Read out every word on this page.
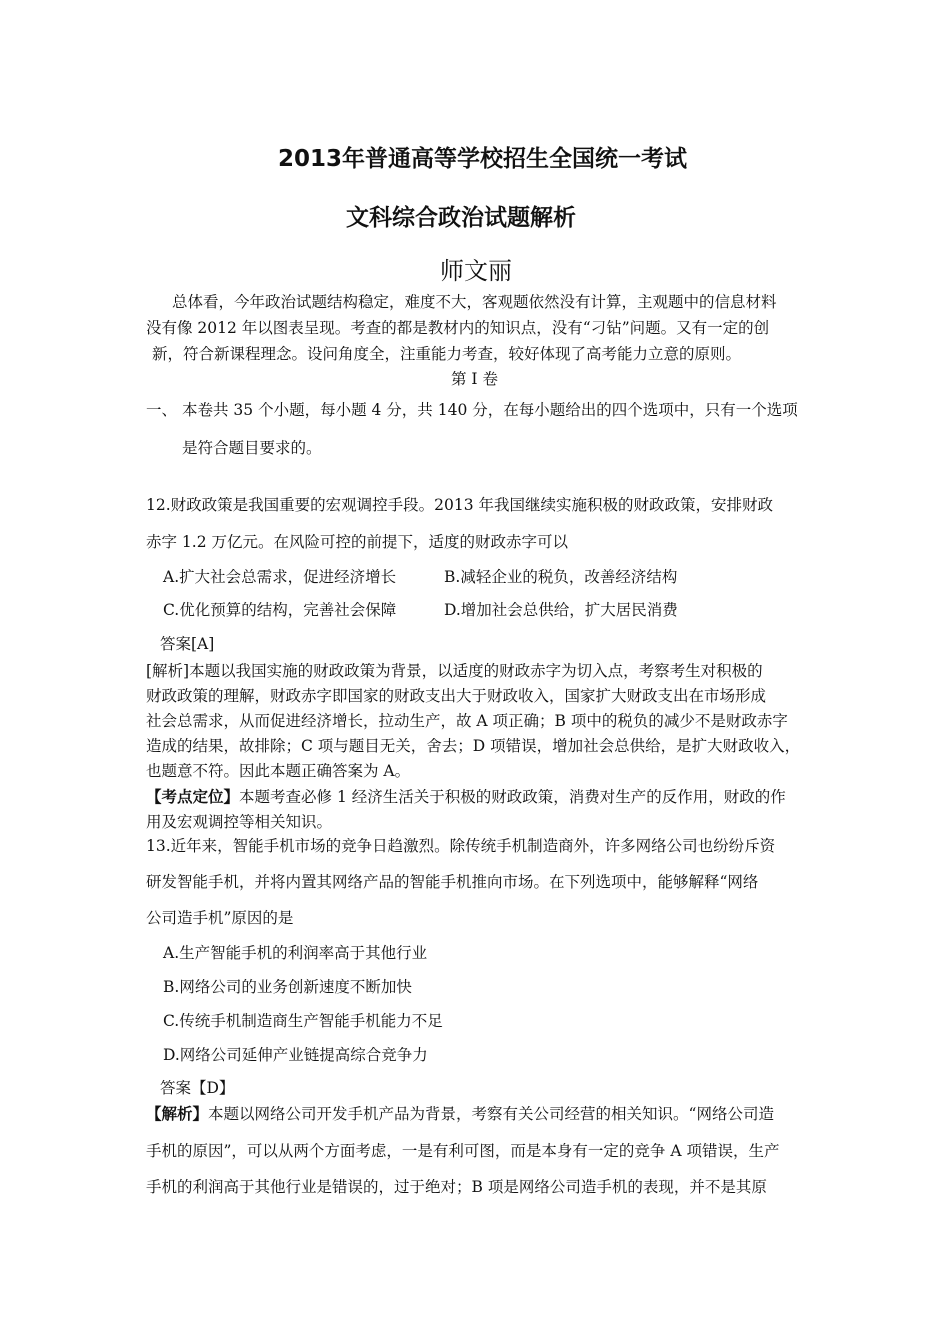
2013年普通高等学校招生全国统一考试
文科综合政治试题解析
师文丽
总体看，今年政治试题结构稳定，难度不大，客观题依然没有计算，主观题中的信息材料
没有像 2012 年以图表呈现。考查的都是教材内的知识点，没有“刁钻”问题。又有一定的创
新，符合新课程理念。设问角度全，注重能力考查，较好体现了高考能力立意的原则。
第 I 卷
一、 本卷共 35 个小题，每小题 4 分，共 140 分，在每小题给出的四个选项中，只有一个选项
是符合题目要求的。
12.财政政策是我国重要的宏观调控手段。2013 年我国继续实施积极的财政政策，安排财政
赤字 1.2 万亿元。在风险可控的前提下，适度的财政赤字可以
A.扩大社会总需求，促进经济增长	B.减轻企业的税负，改善经济结构
C.优化预算的结构，完善社会保障	D.增加社会总供给，扩大居民消费
答案[A]
[解析]本题以我国实施的财政政策为背景，以适度的财政赤字为切入点，考察考生对积极的
财政政策的理解，财政赤字即国家的财政支出大于财政收入，国家扩大财政支出在市场形成
社会总需求，从而促进经济增长，拉动生产，故 A 项正确；B 项中的税负的减少不是财政赤字
造成的结果，故排除；C 项与题目无关，舍去；D 项错误，增加社会总供给，是扩大财政收入，
也题意不符。因此本题正确答案为 A。
【考点定位】本题考查必修 1 经济生活关于积极的财政政策，消费对生产的反作用，财政的作
用及宏观调控等相关知识。
13.近年来，智能手机市场的竞争日趋激烈。除传统手机制造商外，许多网络公司也纷纷斥资
研发智能手机，并将内置其网络产品的智能手机推向市场。在下列选项中，能够解释“网络
公司造手机”原因的是
A.生产智能手机的利润率高于其他行业
B.网络公司的业务创新速度不断加快
C.传统手机制造商生产智能手机能力不足
D.网络公司延伸产业链提高综合竞争力
答案【D】
【解析】本题以网络公司开发手机产品为背景，考察有关公司经营的相关知识。“网络公司造
手机的原因”，可以从两个方面考虑，一是有利可图，而是本身有一定的竞争 A 项错误，生产
手机的利润高于其他行业是错误的，过于绝对；B 项是网络公司造手机的表现，并不是其原
